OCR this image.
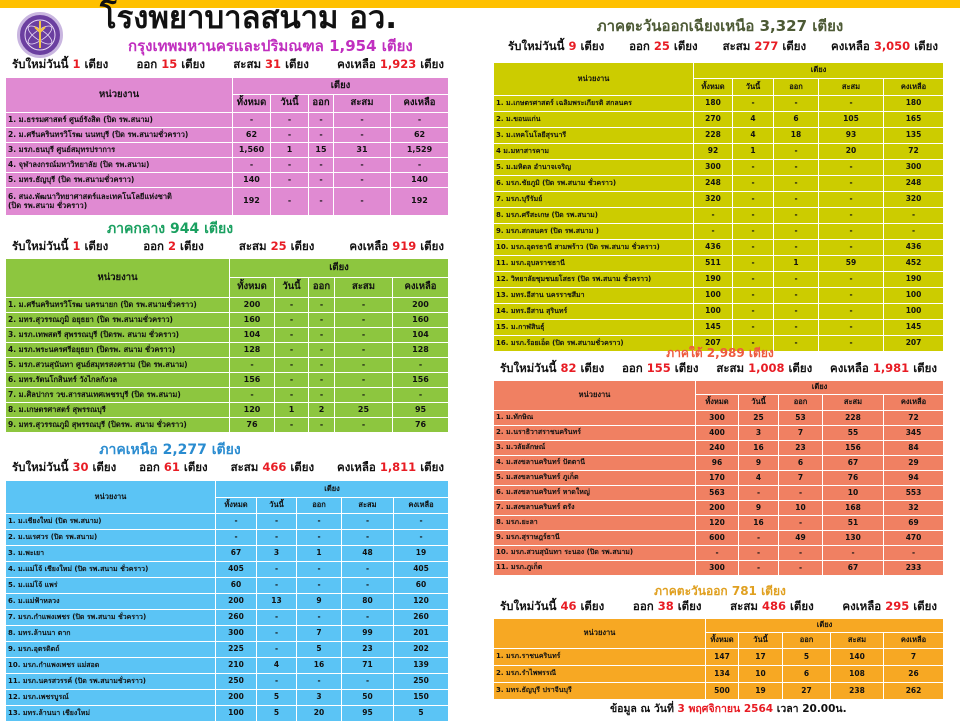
โรงพยาบาลสนาม อว.
กรุงเทพมหานครและปริมณฑล 1,954 เตียง
รับใหม่วันนี้ 1 เตียง ออก 15 เตียง สะสม 31 เตียง คงเหลือ 1,923 เตียง
หน่วยงาน	เตียง				
	ทั้งหมด	วันนี้	ออก	สะสม	คงเหลือ
1. ม.ธรรมศาสตร์ ศูนย์รังสิต (ปิด รพ.สนาม)	-	-	-	-	-
2. ม.ศรีนครินทรวิโรฒ นนทบุรี (ปิด รพ.สนามชั่วคราว)	62	-	-	-	62
3. มรภ.ธนบุรี ศูนย์สมุทรปราการ	1,560	1	15	31	1,529
4. จุฬาลงกรณ์มหาวิทยาลัย (ปิด รพ.สนาม)	-	-	-	-	-
5. มทร.ธัญบุรี (ปิด รพ.สนามชั่วคราว)	140	-	-	-	140
6. สนง.พัฒนาวิทยาศาสตร์และเทคโนโลยีแห่งชาติ
(ปิด รพ.สนาม ชั่วคราว)	192	-	-	-	192
ภาคกลาง 944 เตียง
รับใหม่วันนี้ 1 เตียง	ออก 2 เตียง	สะสม 25 เตียง	คงเหลือ 919 เตียง
หน่วยงาน	เตียง				
	ทั้งหมด	วันนี้	ออก	สะสม	คงเหลือ
1. ม.ศรีนครินทรวิโรฒ นครนายก (ปิด รพ.สนามชั่วคราว)	200	-	-	-	200
2. มทร.สุวรรณภูมิ อยุธยา (ปิด รพ.สนามชั่วคราว)	160	-	-	-	160
3. มรภ.เทพสตรี สุพรรณบุรี (ปิดรพ. สนาม ชั่วคราว)	104	-	-	-	104
4. มรภ.พระนครศรีอยุธยา (ปิดรพ. สนาม ชั่วคราว)	128	-	-	-	128
5. มรภ.สวนสุนันทา ศูนย์สมุทรสงคราม (ปิด รพ.สนาม)	-	-	-	-	-
6. มทร.รัตนโกสินทร์ วังไกลกังวล	156	-	-	-	156
7. ม.ศิลปากร วข.สารสนเทศเพชรบุรี (ปิด รพ.สนาม)	-	-	-	-	-
8. ม.เกษตรศาสตร์ สุพรรณบุรี	120	1	2	25	95
9. มทร.สุวรรณภูมิ สุพรรณบุรี (ปิดรพ. สนาม ชั่วคราว)	76	-	-	-	76
ภาคเหนือ 2,277 เตียง
รับใหม่วันนี้ 30 เตียง ออก 61 เตียง สะสม 466 เตียง คงเหลือ 1,811 เตียง
หน่วยงาน	เตียง				
	ทั้งหมด	วันนี้	ออก	สะสม	คงเหลือ
1. ม.เชียงใหม่ (ปิด รพ.สนาม)	-	-	-	-	-
2. ม.นเรศวร (ปิด รพ.สนาม)	-	-	-	-	-
3. ม.พะเยา	67	3	1	48	19
4. ม.แม่โจ้ เชียงใหม่ (ปิด รพ.สนาม ชั่วคราว)	405	-	-	-	405
5. ม.แม่โจ้ แพร่	60	-	-	-	60
6. ม.แม่ฟ้าหลวง	200	13	9	80	120
7. มรภ.กำแพงเพชร (ปิด รพ.สนาม ชั่วคราว)	260	-	-	-	260
8. มทร.ล้านนา ตาก	300	-	7	99	201
9. มรภ.อุตรดิตถ์	225	-	5	23	202
10. มรภ.กำแพงเพชร แม่สอด	210	4	16	71	139
11. มรภ.นครสวรรค์ (ปิด รพ.สนามชั่วคราว)	250	-	-	-	250
12. มรภ.เพชรบูรณ์	200	5	3	50	150
13. มทร.ล้านนา เชียงใหม่	100	5	20	95	5
ภาคตะวันออกเฉียงเหนือ 3,327 เตียง
รับใหม่วันนี้ 9 เตียง ออก 25 เตียง สะสม 277 เตียง คงเหลือ 3,050 เตียง
หน่วยงาน	เตียง				
	ทั้งหมด	วันนี้	ออก	สะสม	คงเหลือ
1. ม.เกษตรศาสตร์ เฉลิมพระเกียรติ สกลนคร	180	-	-	-	180
2. ม.ขอนแก่น	270	4	6	105	165
3. ม.เทคโนโลยีสุรนารี	228	4	18	93	135
4 ม.มหาสารคาม	92	1	-	20	72
5. ม.มหิดล อำนาจเจริญ	300	-	-	-	300
6. มรภ.ชัยภูมิ (ปิด รพ.สนาม ชั่วคราว)	248	-	-	-	248
7. มรภ.บุรีรัมย์	320	-	-	-	320
8. มรภ.ศรีสะเกษ (ปิด รพ.สนาม)	-	-	-	-	-
9. มรภ.สกลนคร (ปิด รพ.สนาม )	-	-	-	-	-
10. มรภ.อุดรธานี สามพร้าว (ปิด รพ.สนาม ชั่วคราว)	436	-	-	-	436
11. มรภ.อุบลราชธานี	511	-	1	59	452
12. วิทยาลัยชุมชนยโสธร (ปิด รพ.สนาม ชั่วคราว)	190	-	-	-	190
13. มทร.อีสาน นครราชสีมา	100	-	-	-	100
14. มทร.อีสาน สุรินทร์	100	-	-	-	100
15. ม.กาฬสินธุ์	145	-	-	-	145
16. มรภ.ร้อยเอ็ด (ปิด รพ.สนามชั่วคราว)	207	-	-	-	207
ภาคใต้ 2,989 เตียง
รับใหม่วันนี้ 82 เตียง ออก 155 เตียง สะสม 1,008 เตียง คงเหลือ 1,981 เตียง
หน่วยงาน	เตียง				
	ทั้งหมด	วันนี้	ออก	สะสม	คงเหลือ
1. ม.ทักษิณ	300	25	53	228	72
2. ม.นราธิวาสราชนครินทร์	400	3	7	55	345
3. ม.วลัยลักษณ์	240	16	23	156	84
4. ม.สงขลานครินทร์ ปัตตานี	96	9	6	67	29
5. ม.สงขลานครินทร์ ภูเก็ต	170	4	7	76	94
6. ม.สงขลานครินทร์ หาดใหญ่	563	-	-	10	553
7. ม.สงขลานครินทร์ ตรัง	200	9	10	168	32
8. มรภ.ยะลา	120	16	-	51	69
9. มรภ.สุราษฎร์ธานี	600	-	49	130	470
10. มรภ.สวนสุนันทา ระนอง (ปิด รพ.สนาม)	-	-	-	-	-
11. มรภ.ภูเก็ต	300	-	-	67	233
ภาคตะวันออก 781 เตียง
รับใหม่วันนี้ 46 เตียง ออก 38 เตียง สะสม 486 เตียง คงเหลือ 295 เตียง
หน่วยงาน	เตียง				
	ทั้งหมด	วันนี้	ออก	สะสม	คงเหลือ
1. มรภ.ราชนครินทร์	147	17	5	140	7
2. มรภ.รำไพพรรณี	134	10	6	108	26
3. มทร.ธัญบุรี ปราจีนบุรี	500	19	27	238	262
ข้อมูล ณ วันที่ 3 พฤศจิกายน 2564 เวลา 20.00น.
